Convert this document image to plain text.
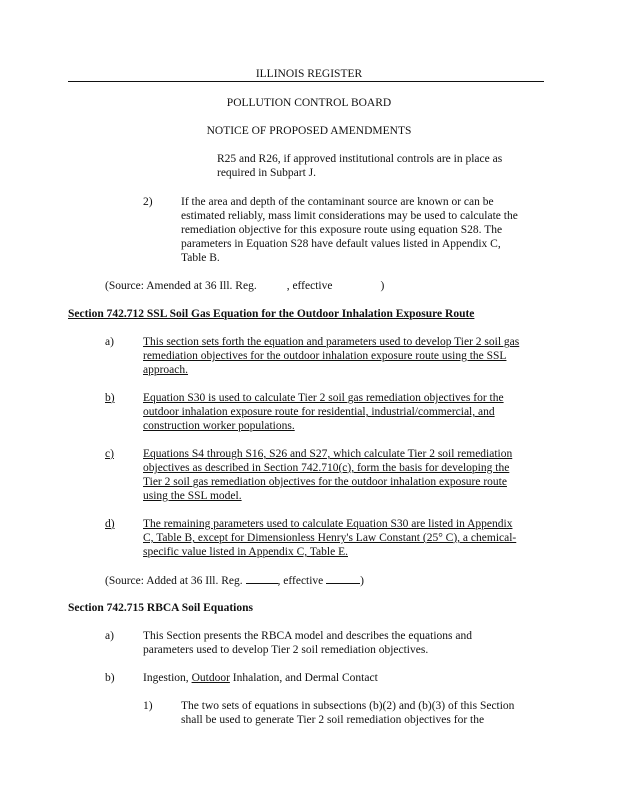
ILLINOIS REGISTER
POLLUTION CONTROL BOARD
NOTICE OF PROPOSED AMENDMENTS
R25 and R26, if approved institutional controls are in place as
required in Subpart J.
2) If the area and depth of the contaminant source are known or can be
estimated reliably, mass limit considerations may be used to calculate the
remediation objective for this exposure route using equation S28. The
parameters in Equation S28 have default values listed in Appendix C,
Table B.
(Source: Amended at 36 Ill. Reg.	, effective	)
Section 742.712 SSL Soil Gas Equation for the Outdoor Inhalation Exposure Route
a)	This section sets forth the equation and parameters used to develop Tier 2 soil gas
remediation objectives for the outdoor inhalation exposure route using the SSL
approach.
b) Equation S30 is used to calculate Tier 2 soil gas remediation objectives for the
outdoor inhalation exposure route for residential, industrial/commercial, and
construction worker populations.
c)	Equations S4 through S16, S26 and S27, which calculate Tier 2 soil remediation
objectives as described in Section 742.710(c), form the basis for developing the
Tier 2 soil gas remediation objectives for the outdoor inhalation exposure route
using the SSL model.
d) The remaining parameters used to calculate Equation S30 are listed in Appendix
C, Table B, except for Dimensionless Henry's Law Constant (25° C), a chemical-
specific value listed in Appendix C, Table E.
(Source: Added at 36 Ill. Reg.	, effective	)
Section 742.715 RBCA Soil Equations
a)	This Section presents the RBCA model and describes the equations and
parameters used to develop Tier 2 soil remediation objectives.
b) Ingestion, Outdoor Inhalation, and Dermal Contact
1) The two sets of equations in subsections (b)(2) and (b)(3) of this Section
shall be used to generate Tier 2 soil remediation objectives for the
